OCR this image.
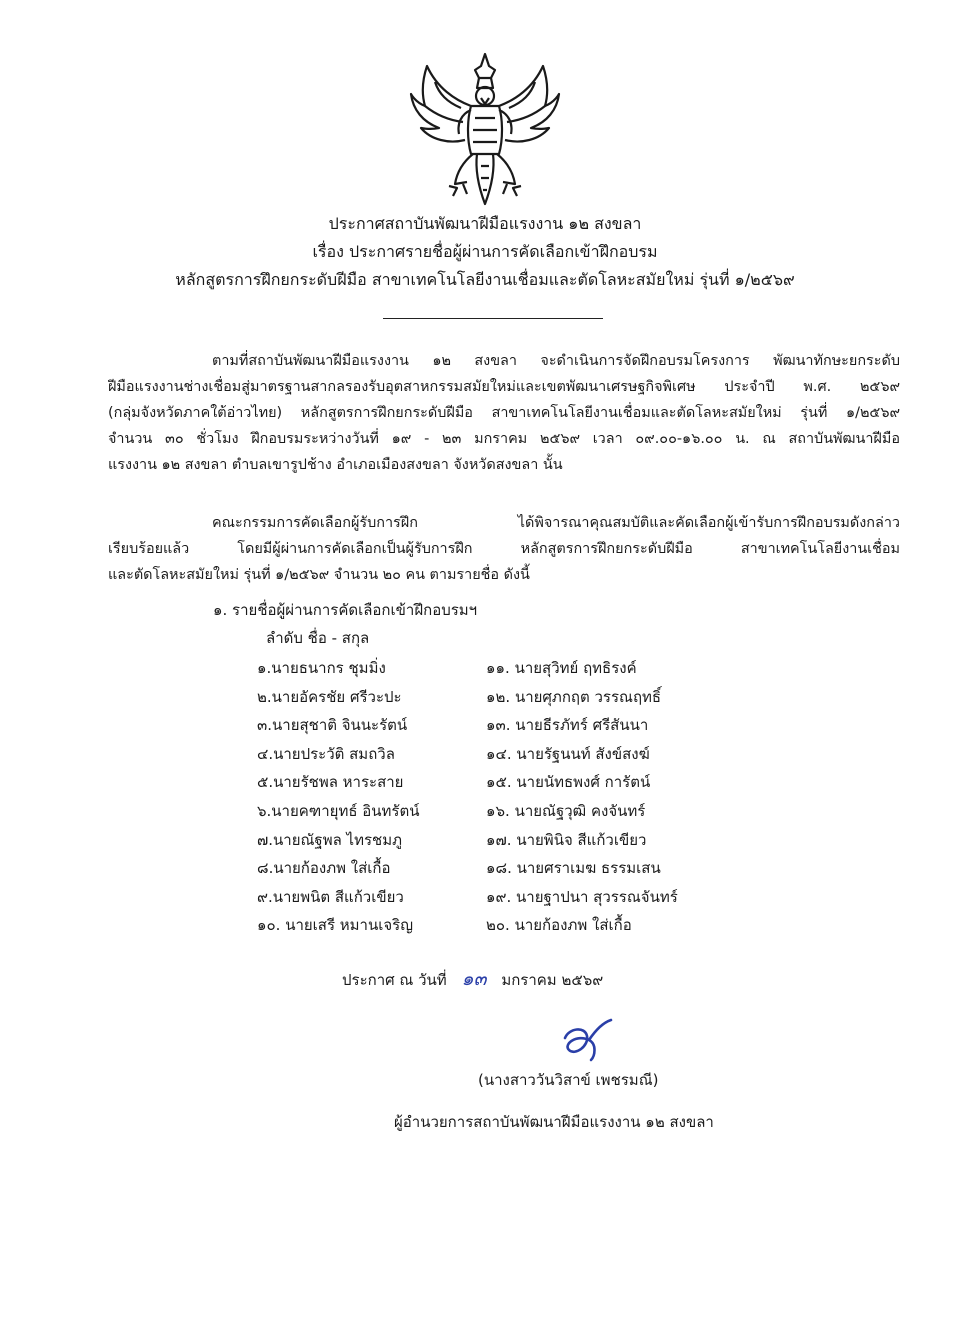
ประกาศสถาบันพัฒนาฝีมือแรงงาน ๑๒ สงขลา
เรื่อง ประกาศรายชื่อผู้ผ่านการคัดเลือกเข้าฝึกอบรม
หลักสูตรการฝึกยกระดับฝีมือ สาขาเทคโนโลยีงานเชื่อมและตัดโลหะสมัยใหม่ รุ่นที่ ๑/๒๕๖๙
ตามที่สถาบันพัฒนาฝีมือแรงงาน ๑๒ สงขลา จะดำเนินการจัดฝึกอบรมโครงการ พัฒนาทักษะยกระดับ
ฝีมือแรงงานช่างเชื่อมสู่มาตรฐานสากลรองรับอุตสาหกรรมสมัยใหม่และเขตพัฒนาเศรษฐกิจพิเศษ ประจำปี พ.ศ. ๒๕๖๙
(กลุ่มจังหวัดภาคใต้อ่าวไทย) หลักสูตรการฝึกยกระดับฝีมือ สาขาเทคโนโลยีงานเชื่อมและตัดโลหะสมัยใหม่ รุ่นที่ ๑/๒๕๖๙
จำนวน ๓๐ ชั่วโมง ฝึกอบรมระหว่างวันที่ ๑๙ - ๒๓ มกราคม ๒๕๖๙ เวลา ๐๙.๐๐-๑๖.๐๐ น. ณ สถาบันพัฒนาฝีมือ
แรงงาน ๑๒ สงขลา ตำบลเขารูปช้าง อำเภอเมืองสงขลา จังหวัดสงขลา นั้น
คณะกรรมการคัดเลือกผู้รับการฝึก ได้พิจารณาคุณสมบัติและคัดเลือกผู้เข้ารับการฝึกอบรมดังกล่าว
เรียบร้อยแล้ว โดยมีผู้ผ่านการคัดเลือกเป็นผู้รับการฝึก หลักสูตรการฝึกยกระดับฝีมือ สาขาเทคโนโลยีงานเชื่อม
และตัดโลหะสมัยใหม่ รุ่นที่ ๑/๒๕๖๙ จำนวน ๒๐ คน ตามรายชื่อ ดังนี้
๑. รายชื่อผู้ผ่านการคัดเลือกเข้าฝึกอบรมฯ
ลำดับ ชื่อ - สกุล
๑.นายธนากร ชุมมิ่ง
๒.นายอัครชัย ศรีวะปะ
๓.นายสุชาติ จินนะรัตน์
๔.นายประวัติ สมถวิล
๕.นายรัชพล หาระสาย
๖.นายคฑายุทธ์ อินทรัตน์
๗.นายณัฐพล ไทรชมภู
๘.นายก้องภพ ใส่เกื้อ
๙.นายพนิต สีแก้วเขียว
๑๐. นายเสรี หมานเจริญ
๑๑. นายสุวิทย์ ฤทธิรงค์
๑๒. นายศุภกฤต วรรณฤทธิ์
๑๓. นายธีรภัทร์ ศรีสันนา
๑๔. นายรัฐนนท์ สังข์สงฆ์
๑๕. นายนัทธพงศ์ การัตน์
๑๖. นายณัฐวุฒิ คงจันทร์
๑๗. นายพินิจ สีแก้วเขียว
๑๘. นายศราเมฆ ธรรมเสน
๑๙. นายฐาปนา สุวรรณจันทร์
๒๐. นายก้องภพ ใส่เกื้อ
ประกาศ ณ วันที่ ๑๓ มกราคม ๒๕๖๙
(นางสาววันวิสาข์ เพชรมณี)
ผู้อำนวยการสถาบันพัฒนาฝีมือแรงงาน ๑๒ สงขลา
